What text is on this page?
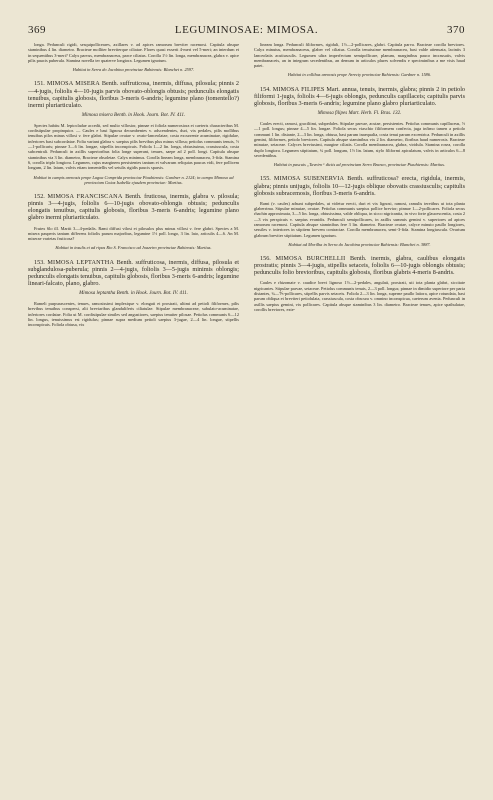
369	LEGUMINOSAE: MIMOSA.	370

longa. Pedunculi rigidi, sesquipolliceares, axillares v. ad apices ramorum breviter racemosi. Capitula absque staminibus 4 lin. diametro. Bracteae molliter breviterque ciliatae. Flores quasi exserti 4-meri vel 5-meri; an interdum et in sequentibus 3-meri? Calyx parvus, membranaceus, parce ciliatus. Corolla 1½ lin. longa, membranacea, glabra v. apice pilis paucis puberula. Stamina novella ter quaterve longiora. Legumen ignotum.

Habitat in Serra do Jacobina provinciae Bahiensis: Blanchet n. 2597.

151. MIMOSA MISERA Benth. suffruticosa, inermis, diffusa, pilosula; pinnis 2—4-jugis, foliolis 4—10-jugis parvis obovato-oblongis obtusis; pedunculis elongatis tenuibus, capitulis globosis, floribus 3-meris 6-andris; legumine plano (tomentello?) inermi pluriarticulato.

Mimosa misera Benth. in Hook. Journ. Bot. IV. 411.

Species habitu M. leptocladae accedit, sed multo villosior, pinnae et foliola numerosiora et caeteris characteribus M. cordistipulae propinquior. — Caules e basi lignosa decumbentes v. adscendentes, duri, vix pedales, pilis mollibus tenuibus pilos minus villosi v. fere glabri. Stipulae ovatae v. ovato-lanceolatae, costa excurrente acuminatae, rigidulae, inferiores basi subcordatae. Folia variant glabra v. saepius pilis brevibus plus minus villosa; petiolus communis tenuis, ½—1-pollicaris; pinnae 3—6 lin. longae, stipellis inconspicuis. Foliola 1—2 lin. longa, obtusissima, crassiuscula, costa subcentrali. Pedunculi in axillis superioribus folia longe superant, tenues, saepe ad 2 poll. longi. Capitula absque staminibus via 3 lin. diametro, Bracteae obsoletae. Calyx minimus. Corolla lineam longa, membranacea, 3-fida. Stamina 6, corolla triplo longiora. Legumen, cujus marginem persistentes tantum et valvarum reliquias paucas vidi, fere pollicem longum, 2 lin. latum, valvis etiam tomentellis vel setulis rigidis paucis sparsis.

Habitat in campis arenosis prope Lagoa Comprida provinciae Piauhiensis: Gardner n. 2124; in campo Mimoso ad provinciam Goiaz Isabella ejusdem provinciae: Martius.

152. MIMOSA FRANCISCANA Benth. fruticosa, inermis, glabra v. pilosula; pinnis 3—4-jugis, foliolis 6—10-jugis obovato-oblongis obtusis; pedunculis elongatis tenuibus, capitulis globosis, floribus 3-meris 6-andris; legumine plano glabro inermi pluriarticulato.

Frutex 6lo ill. Martii 3—4-pedalis. Rami diffusi vilosi et pilosulos plus minus villosi v. fere glabri. Species a M. misera pauperis tantum differens foliolis parum majoribus, legumine 1½ poll. longo, 3 lin. lato, articulis 4—6. An M. miserae varietas fruticosa?

Habitat in insulis et ad ripas Rio S. Francisco ad Joazeiro provinciae Bahiensis: Martius.

153. MIMOSA LEPTANTHA Benth. suffruticosa, inermis, diffusa, pilosula et subglandulosa-puberula; pinnis 2—4-jugis, foliolis 3—5-jugis minimis oblongis; pedunculis elongatis tenuibus, capitulis globosis, floribus 3-meris 6-andris; legumine lineari-falcato, plano, glabro.

Mimosa leptantha Benth. in Hook. Journ. Bot. IV. 411.

Rameli purpurascentes, tenues, ramosissimi implexique v. elongati et prostrati, ultimi ad petioli filiformes, pilis brevibus tenuibus conspersi, alii breviaribus glanduliferis ciliatulae. Stipulae membranaceae, subulato-acuminatae, inferiores cordatae. Folia ut M. cordistipulae similes sed angustiores, saepius tenuiter pilosae. Petiolus communis 6—12 lin. longus, tenuissimus est rigidulus; pinnae supra medium petioli saepius 3-jugae, 2—4 lin. longae, stipellis inconspicuis. Foliola obtusa, vix

lineam longa. Pedunculi filiformes, rigiduli, 1½—2-pollicares, glabri. Capitula parva. Bracteae corolla breviores. Calyx minutus, membranaceus, glaber vel ciliatus. Corolla tenuissime membranacea, basi valde attenuata, laciniis 3 lanceolatis acutiusculis. Legumen ultra imperfectum semipollicare, planum, marginibus pauco incrassatis, valvis membranaceis, an in integrum secedentibus, an demum in articulos plures solvendis e speciminibus a me visis haud patet.

Habitat in collibus arenosis prope Arrecty provinciae Bahiensis: Gardner n. 1586.

154. MIMOSA FILIPES Mart. annua, tenuis, inermis, glabra; pinnis 2 in petiolo filiformi 1-jugis, foliolis 4—6-jugis oblongis, pedunculis capillaceis; capitulis parvis globosis, floribus 3-meris 6-andris; legumine plano glabro pluriarticulato.

Mimosa filipes Mart. Herb. Fl. Bras. 132.

Caules erecti, ramosi, graciliimi, subpedales. Stipulae parvae, acutae, persistentes. Petiolus communis capillaceus, ½—1 poll. longus; pinnae 4—5 lin. longae. Foliola secus viaschio filiformem confecta, juga infimo tamen a petiolo communi 1 lin. distante, 2—3 lin. longa, obtusa, basi parum inaequalia, costa tenui parum excentrica. Pedunculi in axillis gemini, filiformes, petiolo breviores. Capitula absque staminibus vix 2 lin. diametro, floribus haud numerosis. Bracteae minutae, setaceae. Calyces breviusimi, margine ciliatis. Corolla membranacea, glabra, viridula. Stamina rosea, corolla duplo longiora. Legumen stipitatum, ¾ poll. longum, 1½ lin. latum, stylo filiformi apiculatum, valvis in articulos 6—8 secedentibus.

Habitat in pascuis „Taveiro“ dictis ad provinciam Serro Branco, provinciae Piauhiensis: Martius.

155. MIMOSA SUBENERVIA Benth. suffruticosa? erecta, rigidula, inermis, glabra; pinnis unijugis, foliolis 10—12-jugis oblique obovatis crassiusculis; capitulis globosis subracemosis, floribus 3-meris 6-andris.

Rami (v. caules) adsunt subpedales, ut videtur erecti, duri et vix lignosi, ramosi, ramulis teretibus ut tota planta glaberrima. Stipulae minutae, ovatae. Petiolus communis saepius pollice brevior; pinnae 1—2-pollicares. Foliola secus rhachin approximata, 3—5 lin. longa, obtusissima, valde obliqua, in sicco nigricantia, in vivo forte glaucescentia, costa 2—3 vix perspicuis v. saepius evanidis. Pedunculi semipollicares, in axillis summis gemini v. superiores ad apices ramorum racemosi. Capitula absque staminibus fere 3 lin. diametro. Bracteae ovatae, calyce minuto paullo longiores, sessiles v. interiores in stipitem brevem contractae. Corolla membranacea, semi-3-fida. Stamina longiuscula. Ovarium glabrum breviter stipitatum. Legumen ignotum.

Habitat ad Morilha in Serra do Jacobina provinciae Bahiensis: Blanchet n. 3887.

156. MIMOSA BURCHELLII Benth. inermis, glabra, caulibus elongatis prostratis; pinnis 3—4-jugis, stipellis setaceis, foliolis 6—10-jugis oblongis obtusis; pedunculis folio brevioribus, capitulis globosis, floribus glabris 4-meris 8-andris.

Caules e rhizomate v. caudice brevi lignoso 1½—2-pedales, angulati, prostrati, uti tota planta glabri, siccitate nigricantes. Stipulae parvae, setaceae. Petiolus communis tenuis, 2—3 poll. longus; pinnae in dimidio superiore per paria distantes, ¾—⅘-pollicares, stipellis parvis setaceis. Foliola 2—3 lin. longa, superne paullo latiora, apice rotundata, basi parum obliqua et breviteri petiolulata, crassiuscula, costa obscura v. omnino inconspicua, caeterum avenia. Pedunculi in axillis saepius gemini, vix pollicares. Capitula absque staminibus 3 lin. diametro. Bracteae tenues, apice spathulatae, corollis breviores, exte-
